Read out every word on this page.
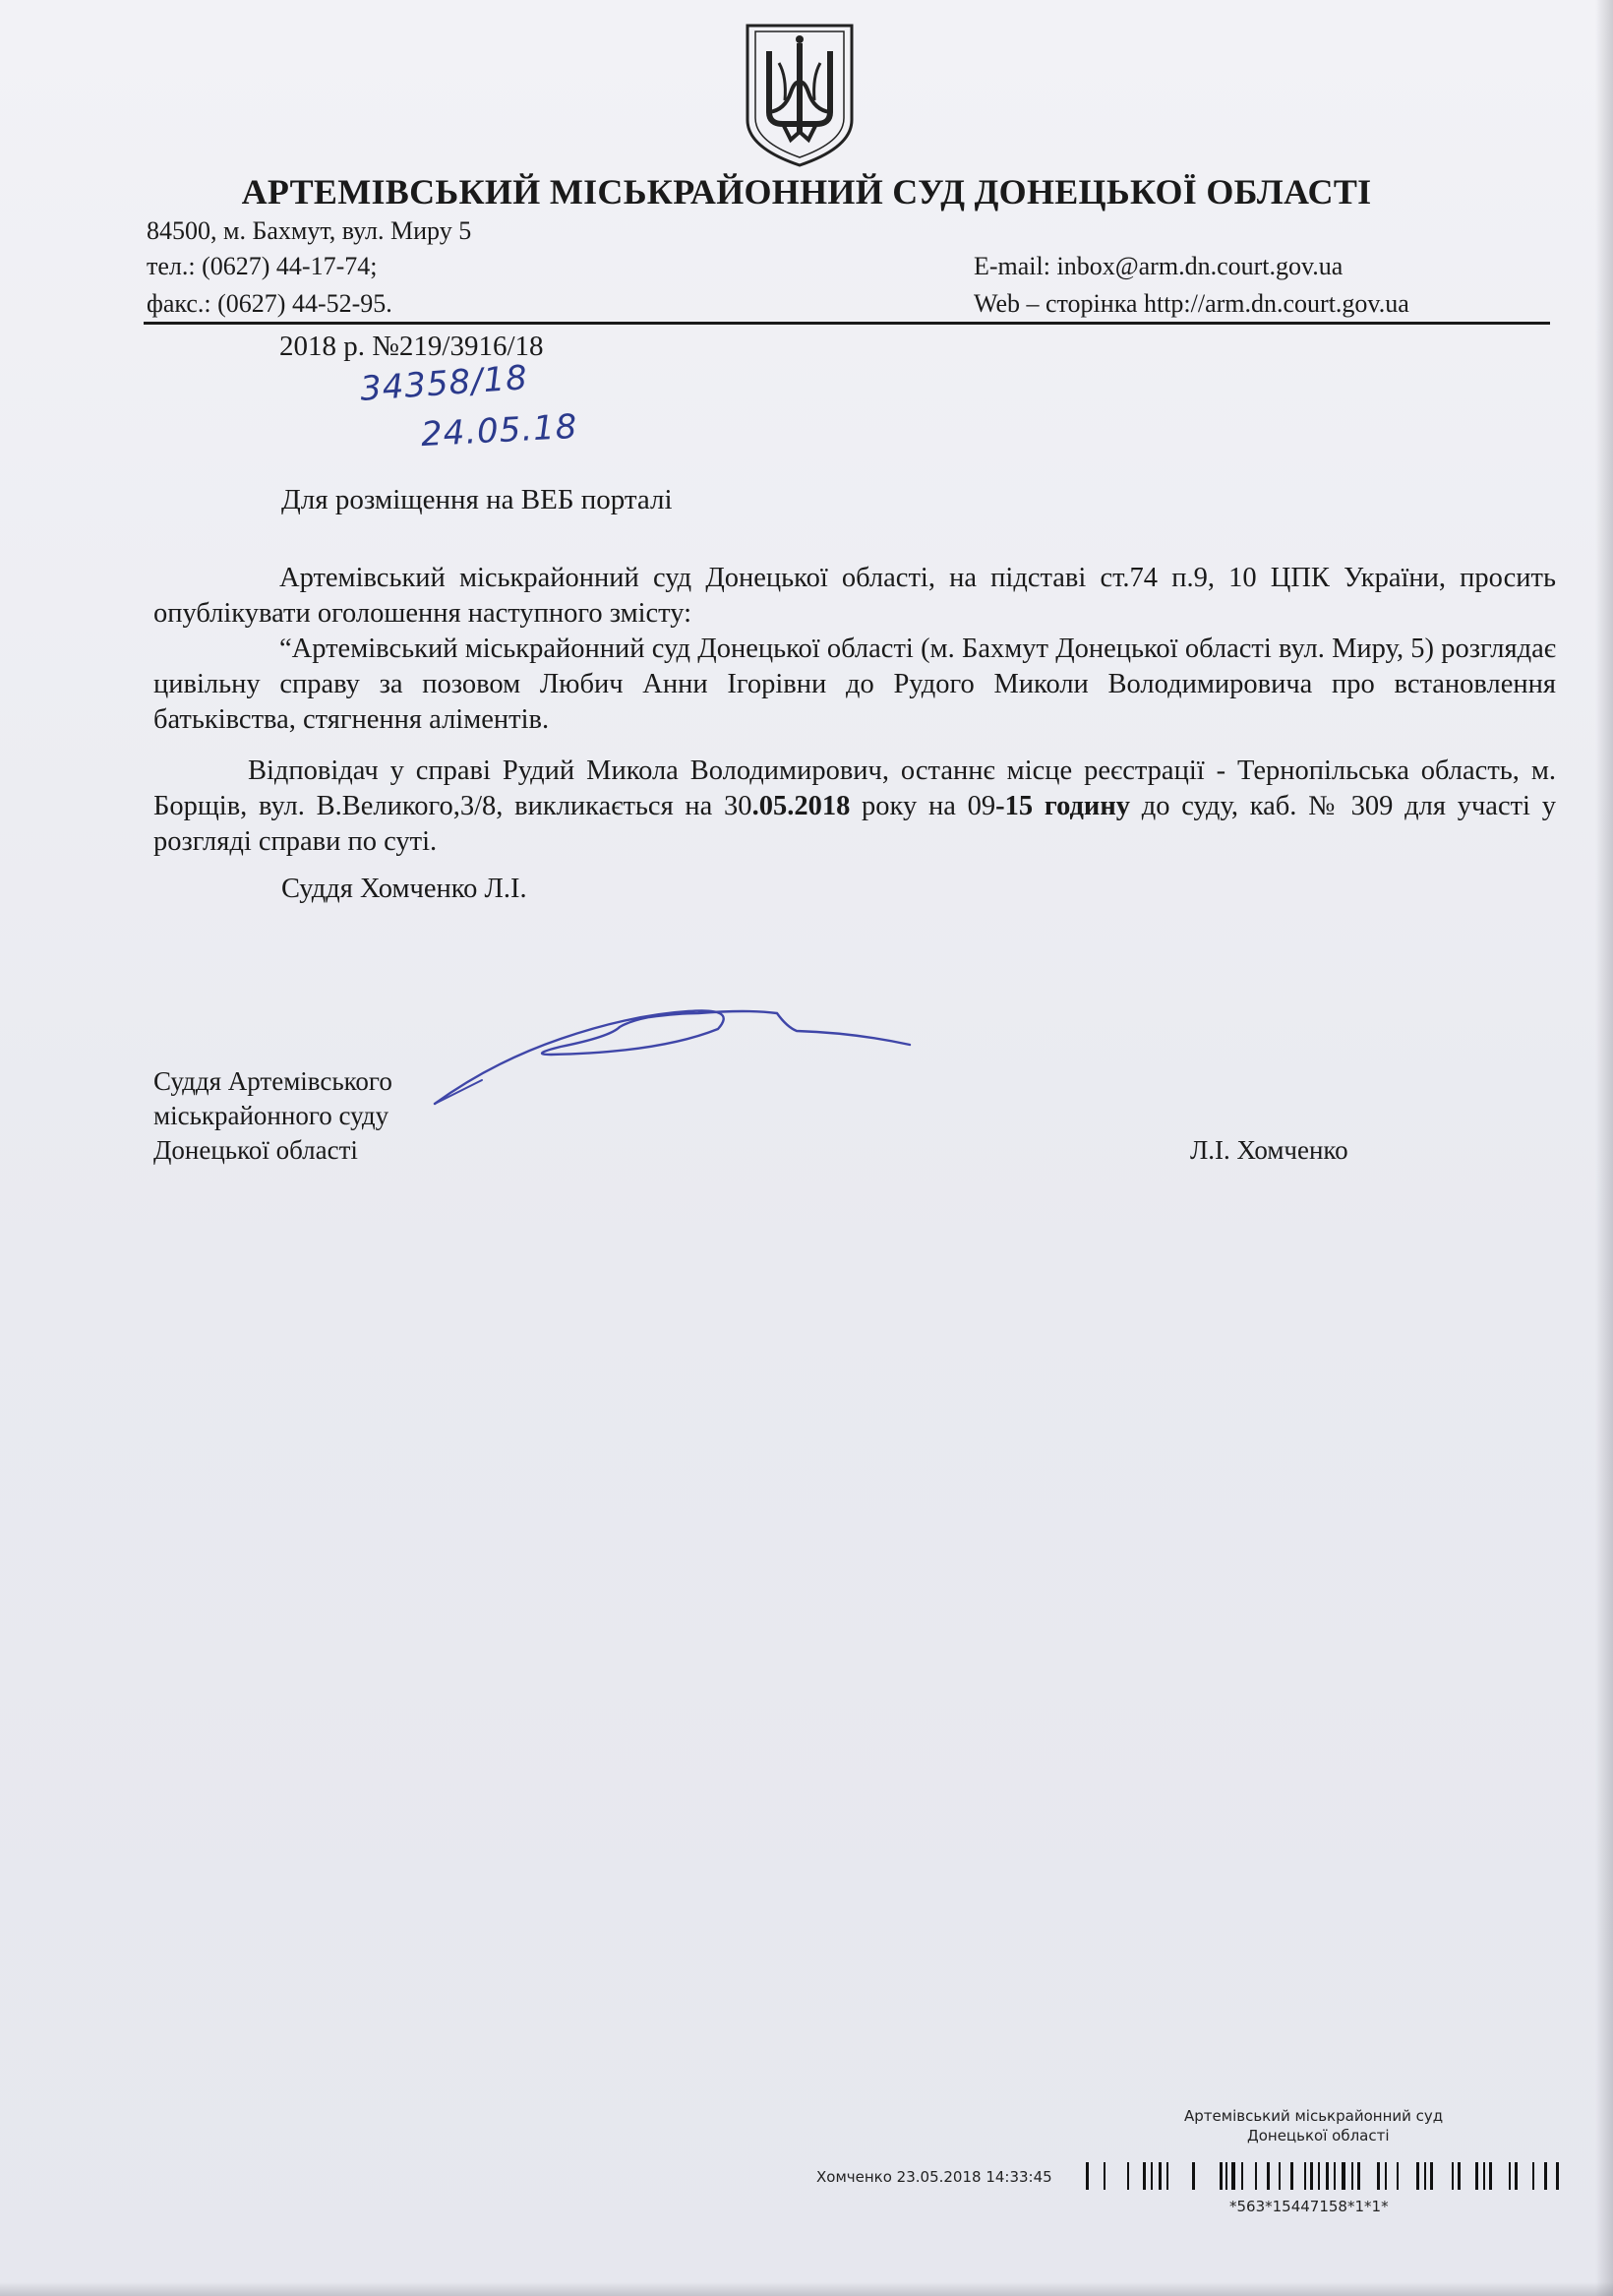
АРТЕМІВСЬКИЙ МІСЬКРАЙОННИЙ СУД ДОНЕЦЬКОЇ ОБЛАСТІ
84500, м. Бахмут, вул. Миру 5
тел.: (0627) 44-17-74;
факс.: (0627) 44-52-95.
E-mail: inbox@arm.dn.court.gov.ua
Web – сторінка http://arm.dn.court.gov.ua
2018 р. №219/3916/18
34358/18
24.05.18
Для розміщення на ВЕБ порталі
Артемівський міськрайонний суд Донецької області, на підставі ст.74 п.9, 10 ЦПК України, просить опублікувати оголошення наступного змісту:
“Артемівський міськрайонний суд Донецької області (м. Бахмут Донецької області вул. Миру, 5) розглядає цивільну справу за позовом Любич Анни Ігорівни до Рудого Миколи Володимировича про встановлення батьківства, стягнення аліментів.
Відповідач у справі Рудий Микола Володимирович, останнє місце реєстрації - Тернопільська область, м. Борщів, вул. В.Великого,3/8, викликається на 30.05.2018 року на 09-15 годину до суду, каб. № 309 для участі у розгляді справи по суті.
Суддя Хомченко Л.І.
Суддя Артемівського
міськрайонного суду
Донецької області	Л.І. Хомченко
Артемівський міськрайонний суд
Донецької області
Хомченко 23.05.2018 14:33:45
*563*15447158*1*1*
